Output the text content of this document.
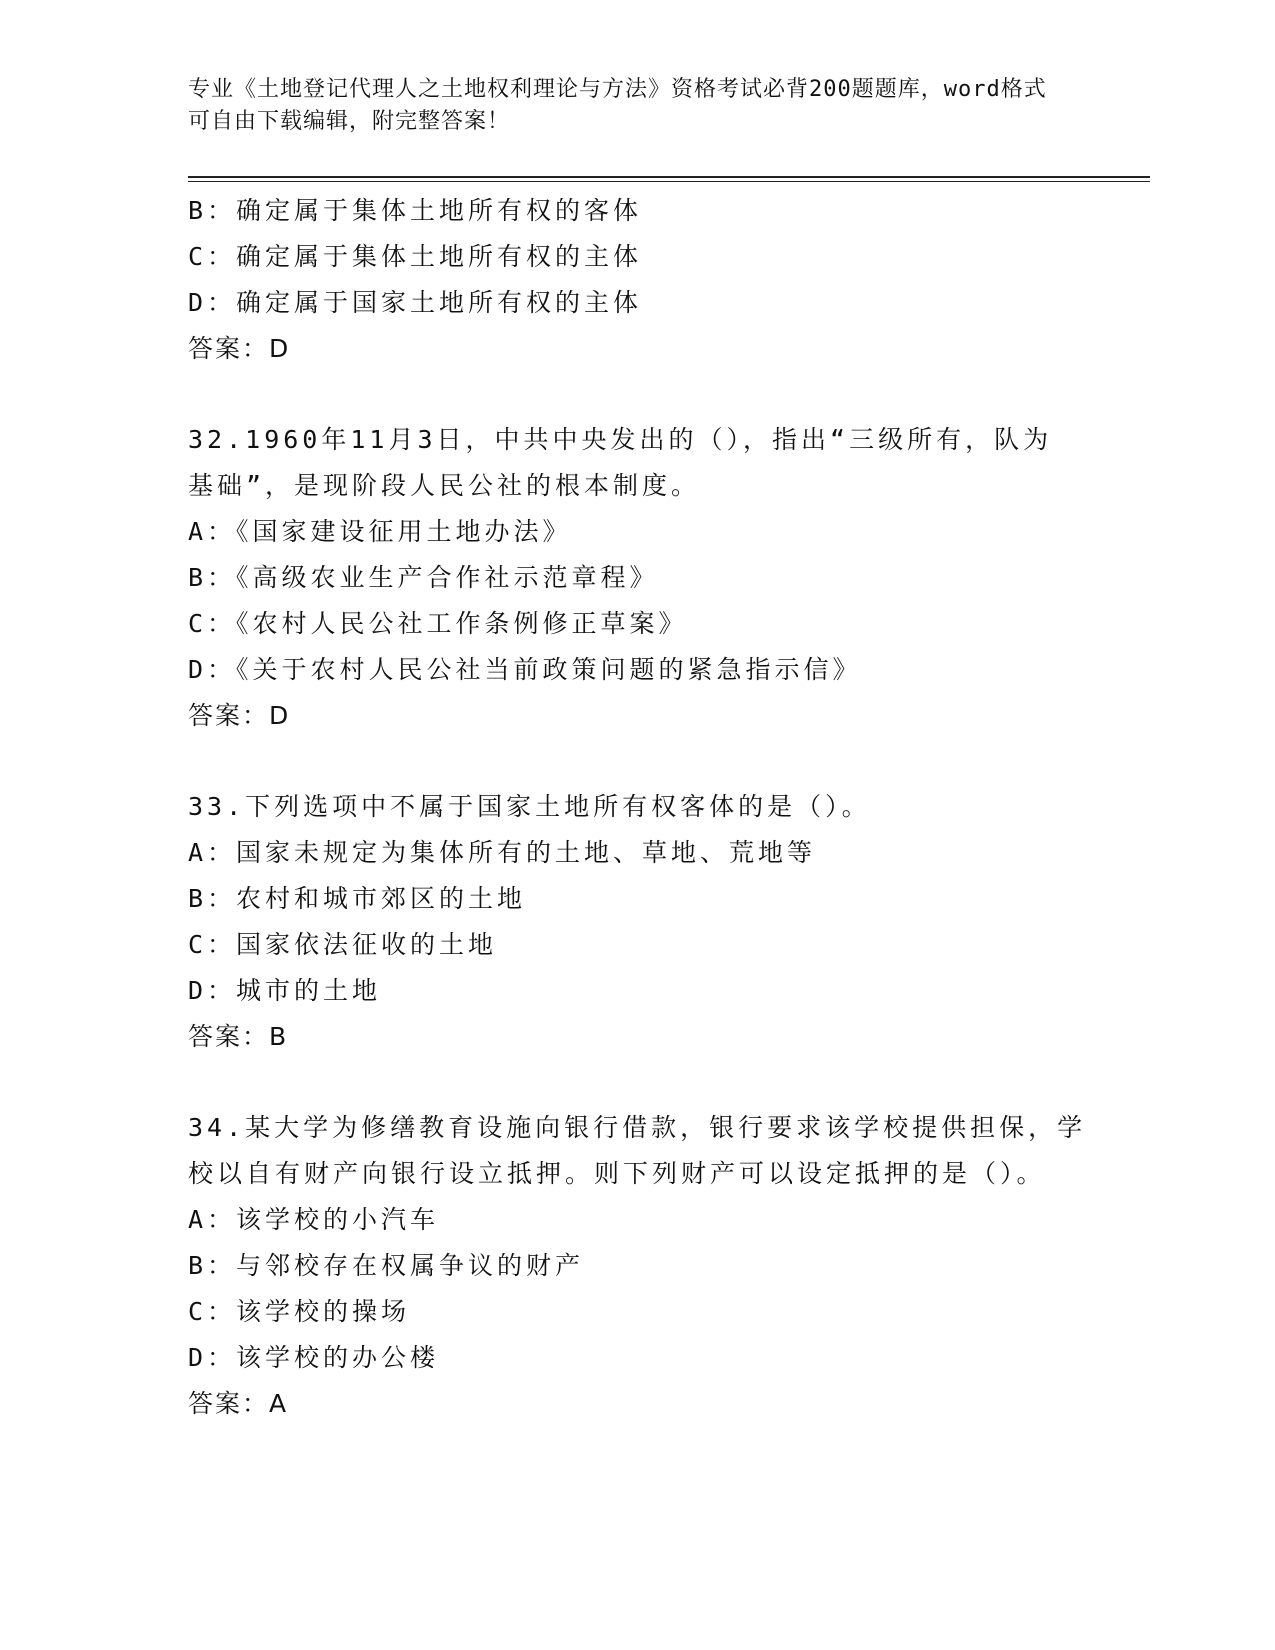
专业《土地登记代理人之土地权利理论与方法》资格考试必背200题题库，word格式可自由下载编辑，附完整答案！
B：确定属于集体土地所有权的客体
C：确定属于集体土地所有权的主体
D：确定属于国家土地所有权的主体
答案：D
32.1960年11月3日，中共中央发出的（），指出“三级所有，队为
基础”，是现阶段人民公社的根本制度。
A：《国家建设征用土地办法》
B：《高级农业生产合作社示范章程》
C：《农村人民公社工作条例修正草案》
D：《关于农村人民公社当前政策问题的紧急指示信》
答案：D
33.下列选项中不属于国家土地所有权客体的是（）。
A：国家未规定为集体所有的土地、草地、荒地等
B：农村和城市郊区的土地
C：国家依法征收的土地
D：城市的土地
答案：B
34.某大学为修缮教育设施向银行借款，银行要求该学校提供担保，学
校以自有财产向银行设立抵押。则下列财产可以设定抵押的是（）。
A：该学校的小汽车
B：与邻校存在权属争议的财产
C：该学校的操场
D：该学校的办公楼
答案：A
